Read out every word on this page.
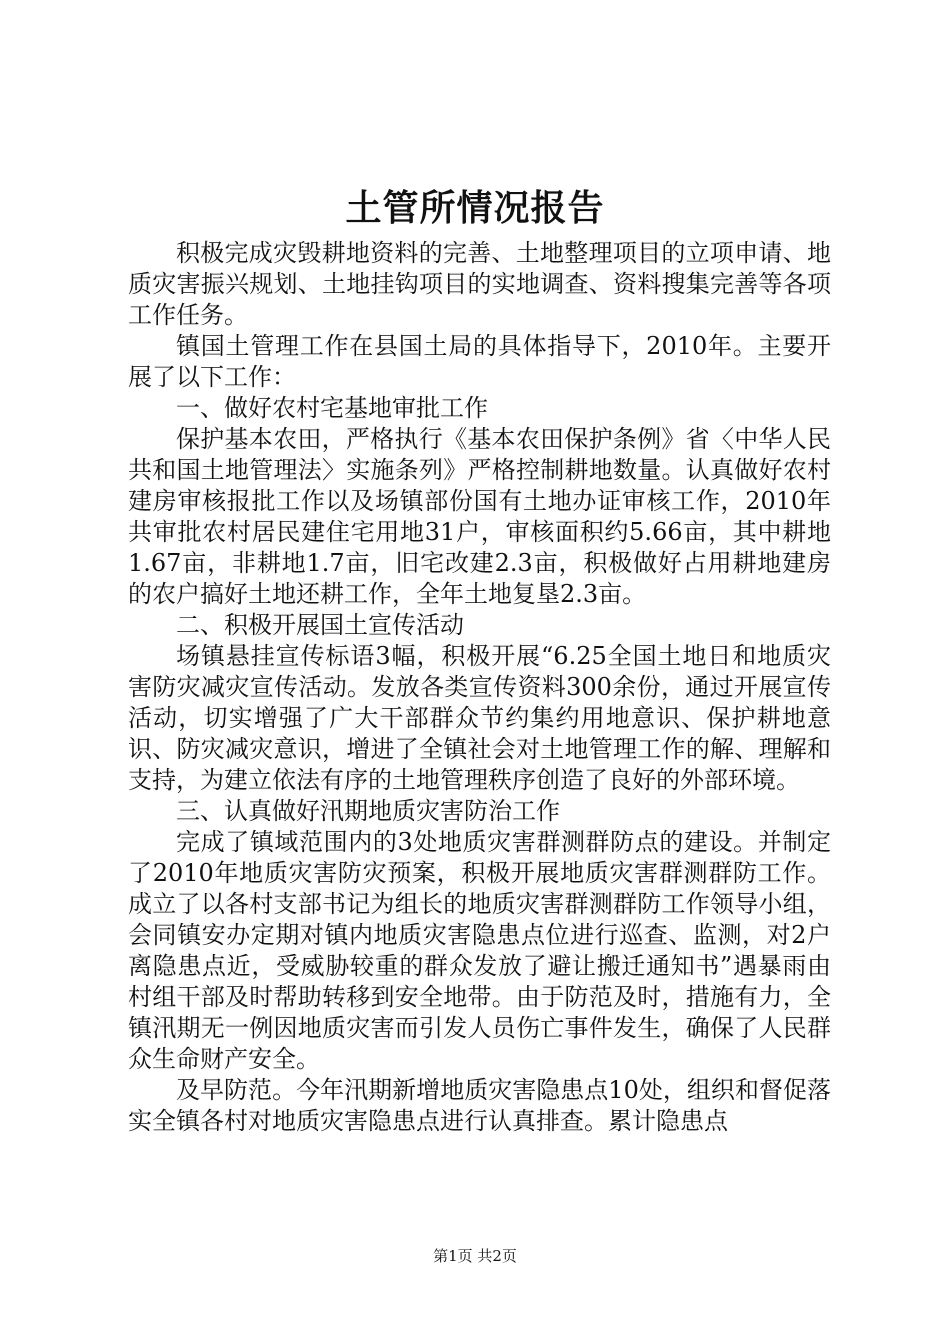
土管所情况报告

积极完成灾毁耕地资料的完善、土地整理项目的立项申请、地质灾害振兴规划、土地挂钩项目的实地调查、资料搜集完善等各项工作任务。

镇国土管理工作在县国土局的具体指导下，2010年。主要开展了以下工作：

一、做好农村宅基地审批工作

保护基本农田，严格执行《基本农田保护条例》省〈中华人民共和国土地管理法〉实施条列》严格控制耕地数量。认真做好农村建房审核报批工作以及场镇部份国有土地办证审核工作，2010年共审批农村居民建住宅用地31户，审核面积约5.66亩，其中耕地1.67亩，非耕地1.7亩，旧宅改建2.3亩，积极做好占用耕地建房的农户搞好土地还耕工作，全年土地复垦2.3亩。

二、积极开展国土宣传活动

场镇悬挂宣传标语3幅，积极开展“6.25全国土地日和地质灾害防灾减灾宣传活动。发放各类宣传资料300余份，通过开展宣传活动，切实增强了广大干部群众节约集约用地意识、保护耕地意识、防灾减灾意识，增进了全镇社会对土地管理工作的解、理解和支持，为建立依法有序的土地管理秩序创造了良好的外部环境。

三、认真做好汛期地质灾害防治工作

完成了镇域范围内的3处地质灾害群测群防点的建设。并制定了2010年地质灾害防灾预案，积极开展地质灾害群测群防工作。成立了以各村支部书记为组长的地质灾害群测群防工作领导小组，会同镇安办定期对镇内地质灾害隐患点位进行巡查、监测，对2户离隐患点近，受威胁较重的群众发放了避让搬迁通知书”遇暴雨由村组干部及时帮助转移到安全地带。由于防范及时，措施有力，全镇汛期无一例因地质灾害而引发人员伤亡事件发生，确保了人民群众生命财产安全。

及早防范。今年汛期新增地质灾害隐患点10处，组织和督促落实全镇各村对地质灾害隐患点进行认真排查。累计隐患点

第1页 共2页
